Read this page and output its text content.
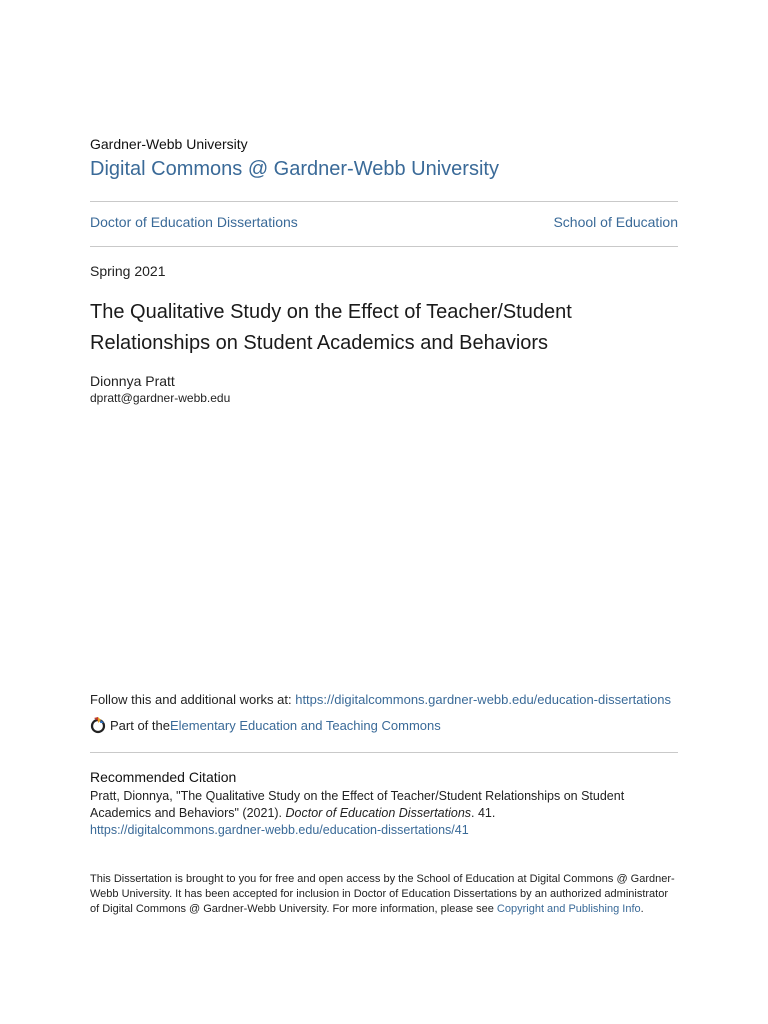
Gardner-Webb University
Digital Commons @ Gardner-Webb University
Doctor of Education Dissertations	School of Education
Spring 2021
The Qualitative Study on the Effect of Teacher/Student Relationships on Student Academics and Behaviors
Dionnya Pratt
dpratt@gardner-webb.edu
Follow this and additional works at: https://digitalcommons.gardner-webb.edu/education-dissertations
Part of the Elementary Education and Teaching Commons
Recommended Citation
Pratt, Dionnya, "The Qualitative Study on the Effect of Teacher/Student Relationships on Student Academics and Behaviors" (2021). Doctor of Education Dissertations. 41.
https://digitalcommons.gardner-webb.edu/education-dissertations/41
This Dissertation is brought to you for free and open access by the School of Education at Digital Commons @ Gardner-Webb University. It has been accepted for inclusion in Doctor of Education Dissertations by an authorized administrator of Digital Commons @ Gardner-Webb University. For more information, please see Copyright and Publishing Info.
